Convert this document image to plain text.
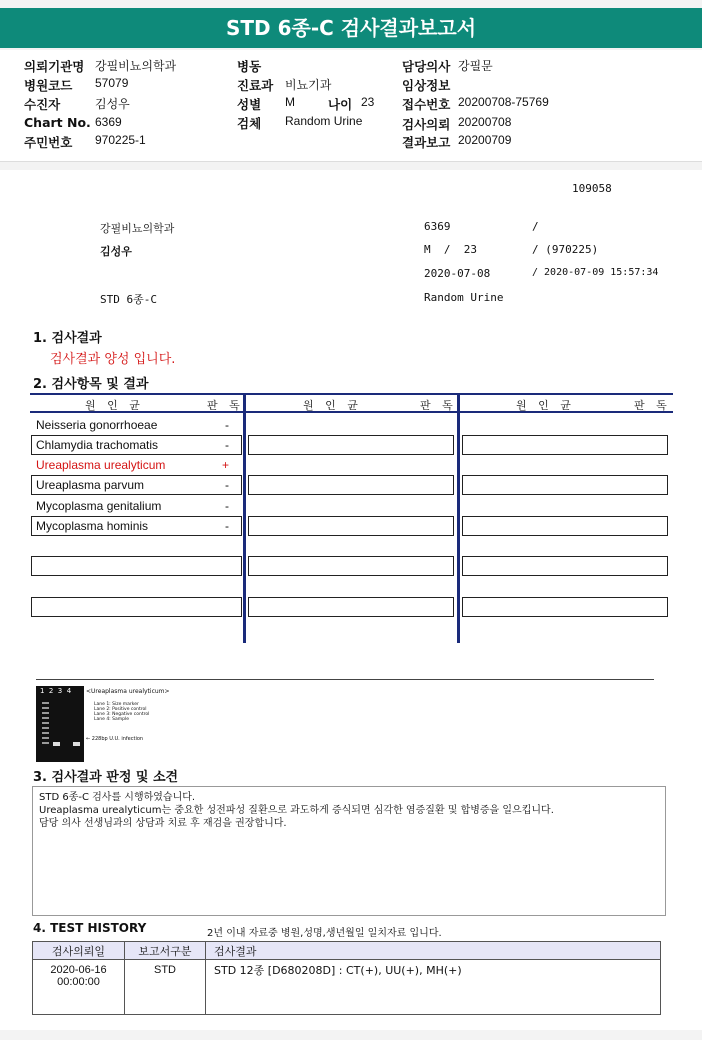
STD 6종-C 검사결과보고서
의뢰기관명 강필비뇨의학과
병원코드 57079
수진자	김성우
Chart No. 6369
주민번호 970225-1
병동
진료과 비뇨기과
성별 M	나이 23
검체 Random Urine
담당의사 강필문
임상정보
접수번호 20200708-75769
검사의뢰 20200708
결과보고 20200709
109058
강필비뇨의학과	6369	/
김성우	M  /  23	/ (970225)
2020-07-08	/ 2020-07-09 15:57:34
STD 6종-C	Random Urine
1. 검사결과
검사결과 양성 입니다.
2. 검사항목 및 결과
원 인 균	판 독	원 인 균	판 독	원 인 균	판 독
Neisseria gonorrhoeae	-
Chlamydia trachomatis	-
Ureaplasma urealyticum	+
Ureaplasma parvum	-
Mycoplasma genitalium	-
Mycoplasma hominis	-
1  2  3  4 <Ureaplasma urealyticum>
Lane 1: Size marker
Lane 2: Positive control
Lane 3: Negative control
Lane 4: Sample
← 228bp U.U. infection
3. 검사결과 판정 및 소견
STD 6종-C 검사를 시행하였습니다.
Ureaplasma urealyticum는 중요한 성전파성 질환으로 과도하게 증식되면 심각한 염증질환 및 합병증을 일으킵니다.
담당 의사 선생님과의 상담과 치료 후 재검을 권장합니다.
4. TEST HISTORY	2년 이내 자료중 병원,성명,생년월일 일치자료 입니다.
검사의뢰일	보고서구분	검사결과

2020-06-16
00:00:00	STD	STD 12종 [D680208D] : CT(+), UU(+), MH(+)
